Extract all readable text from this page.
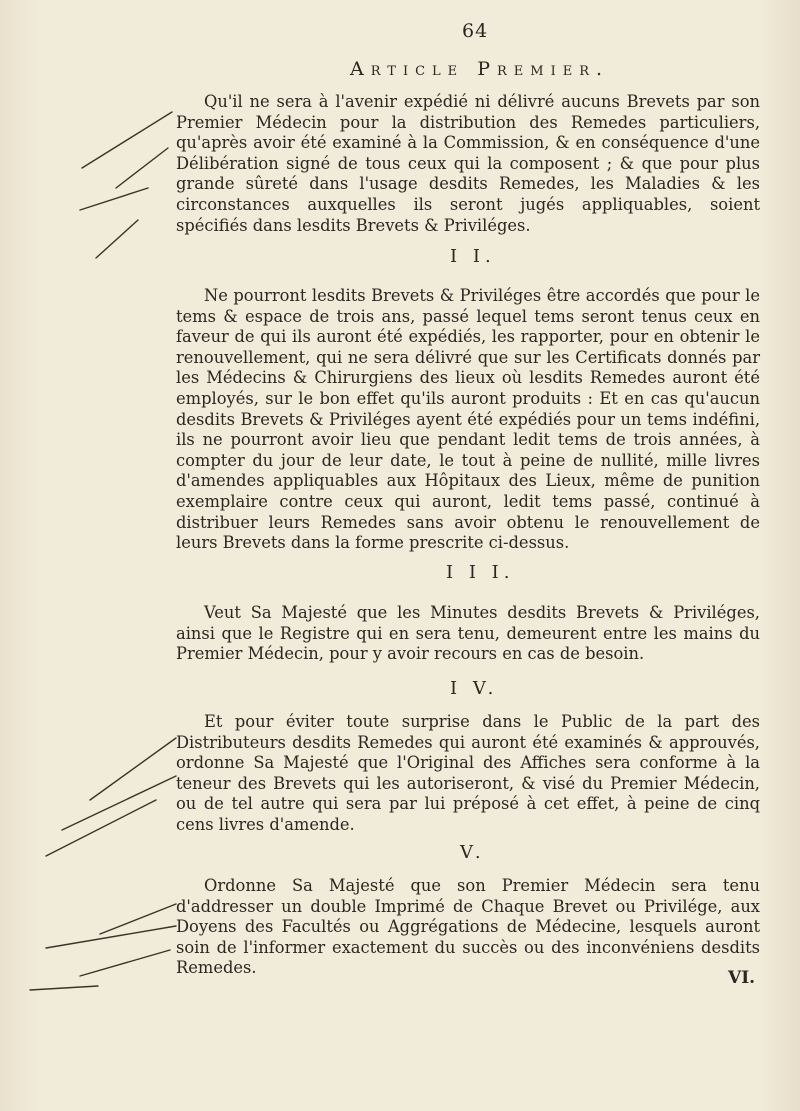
64
Article Premier.

Qu'il ne sera à l'avenir expédié ni délivré aucuns Brevets par son Premier Médecin pour la distribution des Remedes particuliers, qu'après avoir été examiné à la Commission, & en conséquence d'une Délibération signé de tous ceux qui la composent ; & que pour plus grande sûreté dans l'usage desdits Remedes, les Maladies & les circonstances auxquelles ils seront jugés appliquables, soient spécifiés dans lesdits Brevets & Priviléges.

I I.

Ne pourront lesdits Brevets & Priviléges être accordés que pour le tems & espace de trois ans, passé lequel tems seront tenus ceux en faveur de qui ils auront été expédiés, les rapporter, pour en obtenir le renouvellement, qui ne sera délivré que sur les Certificats donnés par les Médecins & Chirurgiens des lieux où lesdits Remedes auront été employés, sur le bon effet qu'ils auront produits : Et en cas qu'aucun desdits Brevets & Priviléges ayent été expédiés pour un tems indéfini, ils ne pourront avoir lieu que pendant ledit tems de trois années, à compter du jour de leur date, le tout à peine de nullité, mille livres d'amendes appliquables aux Hôpitaux des Lieux, même de punition exemplaire contre ceux qui auront, ledit tems passé, continué à distribuer leurs Remedes sans avoir obtenu le renouvellement de leurs Brevets dans la forme prescrite ci-dessus.

I I I.

Veut Sa Majesté que les Minutes desdits Brevets & Priviléges, ainsi que le Registre qui en sera tenu, demeurent entre les mains du Premier Médecin, pour y avoir recours en cas de besoin.

I V.

Et pour éviter toute surprise dans le Public de la part des Distributeurs desdits Remedes qui auront été examinés & approuvés, ordonne Sa Majesté que l'Original des Affiches sera conforme à la teneur des Brevets qui les autoriseront, & visé du Premier Médecin, ou de tel autre qui sera par lui préposé à cet effet, à peine de cinq cens livres d'amende.

V.

Ordonne Sa Majesté que son Premier Médecin sera tenu d'addresser un double Imprimé de Chaque Brevet ou Privilége, aux Doyens des Facultés ou Aggrégations de Médecine, lesquels auront soin de l'informer exactement du succès ou des inconvéniens desdits Remedes.

VI.
